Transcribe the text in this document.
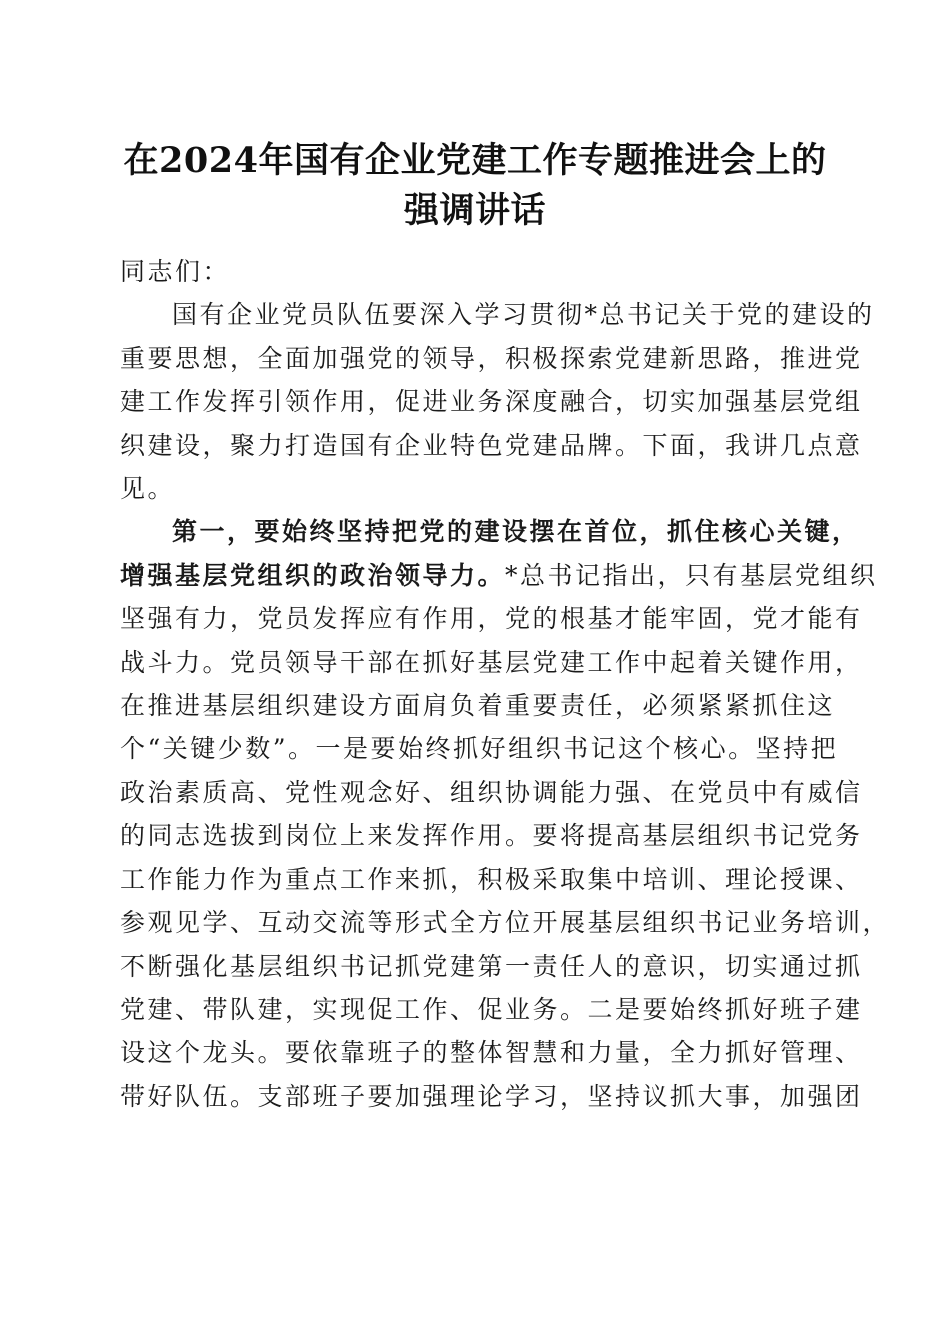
在2024年国有企业党建工作专题推进会上的
强调讲话
同志们：
国有企业党员队伍要深入学习贯彻*总书记关于党的建设的
重要思想，全面加强党的领导，积极探索党建新思路，推进党
建工作发挥引领作用，促进业务深度融合，切实加强基层党组
织建设，聚力打造国有企业特色党建品牌。下面，我讲几点意
见。
第一，要始终坚持把党的建设摆在首位，抓住核心关键，
增强基层党组织的政治领导力。*总书记指出，只有基层党组织
坚强有力，党员发挥应有作用，党的根基才能牢固，党才能有
战斗力。党员领导干部在抓好基层党建工作中起着关键作用，
在推进基层组织建设方面肩负着重要责任，必须紧紧抓住这
个“关键少数”。一是要始终抓好组织书记这个核心。坚持把
政治素质高、党性观念好、组织协调能力强、在党员中有威信
的同志选拔到岗位上来发挥作用。要将提高基层组织书记党务
工作能力作为重点工作来抓，积极采取集中培训、理论授课、
参观见学、互动交流等形式全方位开展基层组织书记业务培训，
不断强化基层组织书记抓党建第一责任人的意识，切实通过抓
党建、带队建，实现促工作、促业务。二是要始终抓好班子建
设这个龙头。要依靠班子的整体智慧和力量，全力抓好管理、
带好队伍。支部班子要加强理论学习，坚持议抓大事，加强团
